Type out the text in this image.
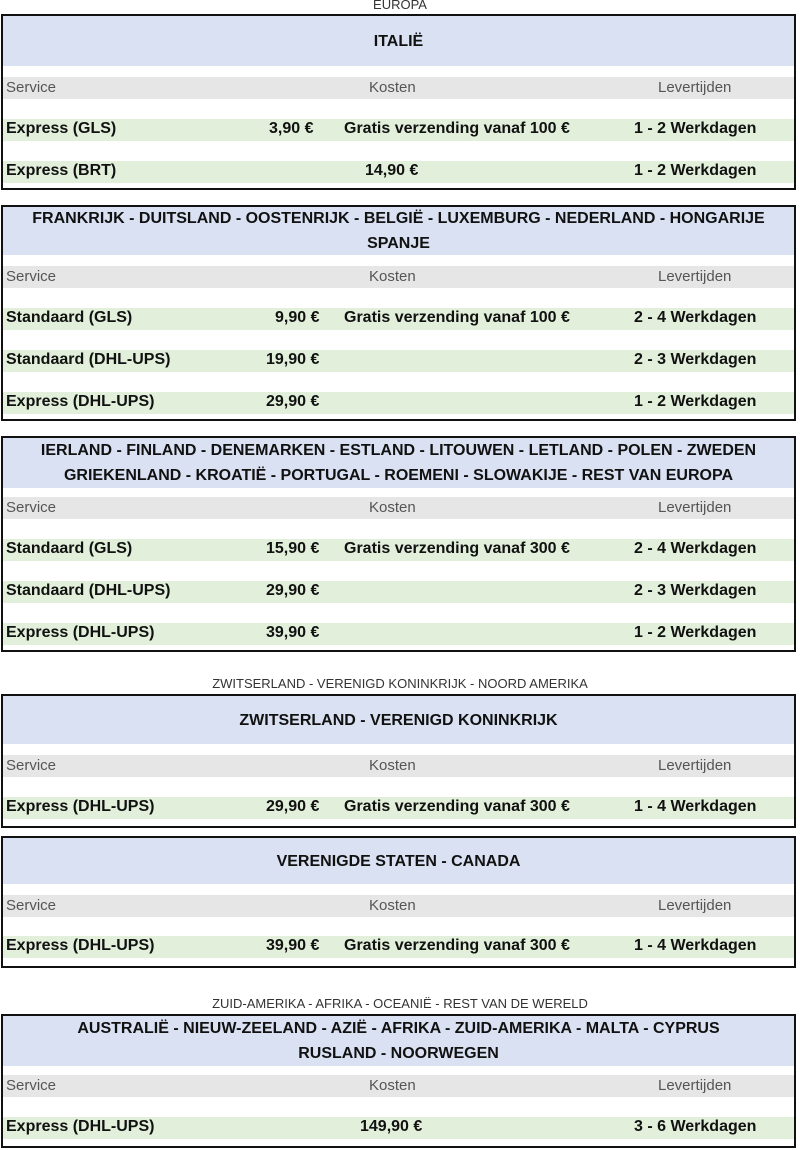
EUROPA
ITALIË
Service	Kosten	Levertijden
Express (GLS)	3,90 € Gratis verzending vanaf 100 €	1 - 2 Werkdagen
Express (BRT)	14,90 €	1 - 2 Werkdagen
FRANKRIJK - DUITSLAND - OOSTENRIJK - BELGIË - LUXEMBURG - NEDERLAND - HONGARIJE
SPANJE
Service	Kosten	Levertijden
Standaard (GLS)	9,90 € Gratis verzending vanaf 100 €	2 - 4 Werkdagen
Standaard (DHL-UPS)	19,90 €	2 - 3 Werkdagen
Express (DHL-UPS)	29,90 €	1 - 2 Werkdagen
IERLAND - FINLAND - DENEMARKEN - ESTLAND - LITOUWEN - LETLAND - POLEN - ZWEDEN
GRIEKENLAND - KROATIË - PORTUGAL - ROEMENI - SLOWAKIJE - REST VAN EUROPA
Service	Kosten	Levertijden
Standaard (GLS)	15,90 € Gratis verzending vanaf 300 €	2 - 4 Werkdagen
Standaard (DHL-UPS)	29,90 €	2 - 3 Werkdagen
Express (DHL-UPS)	39,90 €	1 - 2 Werkdagen
ZWITSERLAND - VERENIGD KONINKRIJK - NOORD AMERIKA
ZWITSERLAND - VERENIGD KONINKRIJK
Service	Kosten	Levertijden
Express (DHL-UPS)	29,90 € Gratis verzending vanaf 300 €	1 - 4 Werkdagen
VERENIGDE STATEN - CANADA
Service	Kosten	Levertijden
Express (DHL-UPS)	39,90 € Gratis verzending vanaf 300 €	1 - 4 Werkdagen
ZUID-AMERIKA - AFRIKA - OCEANIË - REST VAN DE WERELD
AUSTRALIË - NIEUW-ZEELAND - AZIË - AFRIKA - ZUID-AMERIKA - MALTA - CYPRUS
RUSLAND - NOORWEGEN
Service	Kosten	Levertijden
Express (DHL-UPS)	149,90 €	3 - 6 Werkdagen
